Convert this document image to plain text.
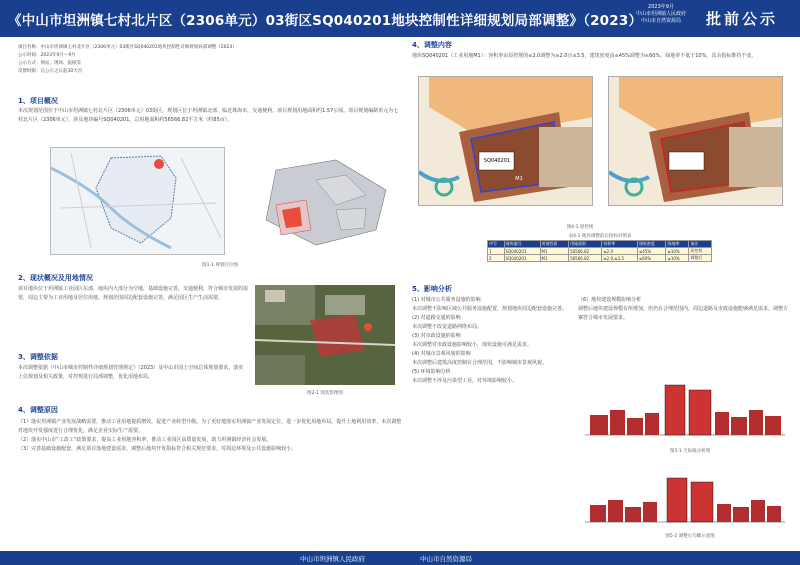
《中山市坦洲镇七村北片区（2306单元）03街区SQ040201地块控制性详细规划局部调整》（2023）
2023年9月
中山市坦洲镇人民政府
中山市自然资源局	批前公示
项目名称：中山市坦洲镇七村北片区（2306单元）03街区SQ040201地块控制性详细规划局部调整（2023）
公示时间：2023年9月～9月
公示方式：网站、现场、报纸等
反馈时限：自公示之日起30天内
1、项目概况
本次规划范围位于中山市坦洲镇七村北片区（2306单元）03街区，规划区位于坦洲镇北部，临近珠海市，交通便利。项目规划用地面积约1.57公顷。项目规划编制单元为七村北片区（2306单元），涉及地块编号SQ040201，总用地面积约56566.82平方米（约85亩）。
图1-1 规划区位图
2、现状概况及用地情况
项目地块位于坦洲镇工业园区东部，地块内大部分为空地，基础设施完善，交通便利，符合城市发展的需要，周边主要为工业用地及居住用地。规划范围周边配套设施完善，满足园区生产生活需要。
图2-1 现状影像图
3、调整依据
本次调整依据《中山市城市控制性详细规划管理规定》（2023）及中山市国土空间总体规划要求，落实上位规划及相关政策，对控规进行局部调整，优化用地布局。
4、调整原因
（1）落实坦洲镇产业发展战略需要，推动工业用地提质增效，促进产业转型升级。为了更好地落实坦洲镇产业发展定位，进一步优化用地布局，提升土地利用效率，本次调整对地块开发强度进行合理优化，满足企业实际生产需要。
（2）落实中山市“工改工”政策要求，提高工业用地容积率，推动工业园区高质量发展，助力坦洲镇经济社会发展。
（3）完善基础设施配套，满足项目落地建设需求，调整后地块开发指标符合相关规范要求，对周边环境及公共设施影响较小。
4、调整内容
地块SQ040201（工业用地M1）：容积率由原控规的≤2.0调整为≥2.0且≤3.5，建筑密度由≤45%调整为≤60%，绿地率不低于10%，其余指标维持不变。
SQ040201
M1
图4-1 原控规
表4-1 地块调整前后指标对照表
序号	地块编号	用地性质	用地面积	容积率	建筑密度	绿地率	备注
1	SQ040201	M1	56566.82	≤2.0	≤45%	≥10%	原控规
2	SQ040201	M1	56566.82	≥2.0,≤3.5	≤60%	≥10%	调整后
5、影响分析
(1) 对城市公共服务设施的影响
本次调整不影响区域公共服务设施配置，规划地块周边配套设施完善。
(2) 对道路交通的影响
本次调整不改变道路网络布局。
(3) 对市政设施的影响
本次调整对市政设施影响较小，现状设施可满足需求。
(4) 对城市景观风貌的影响
本次调整后建筑高度控制在合理范围，不影响城市景观风貌。
(5) 环境影响分析
本次调整不涉及污染型工业，对环境影响较小。
（6）地块建设规模影响分析
调整后地块建设规模有所增加，但仍在合理范围内，周边道路及市政设施能够满足需求，调整方案符合城市发展要求。
图5-1 天际线分析图
图5-2 调整后鸟瞰示意图
中山市坦洲镇人民政府	中山市自然资源局
